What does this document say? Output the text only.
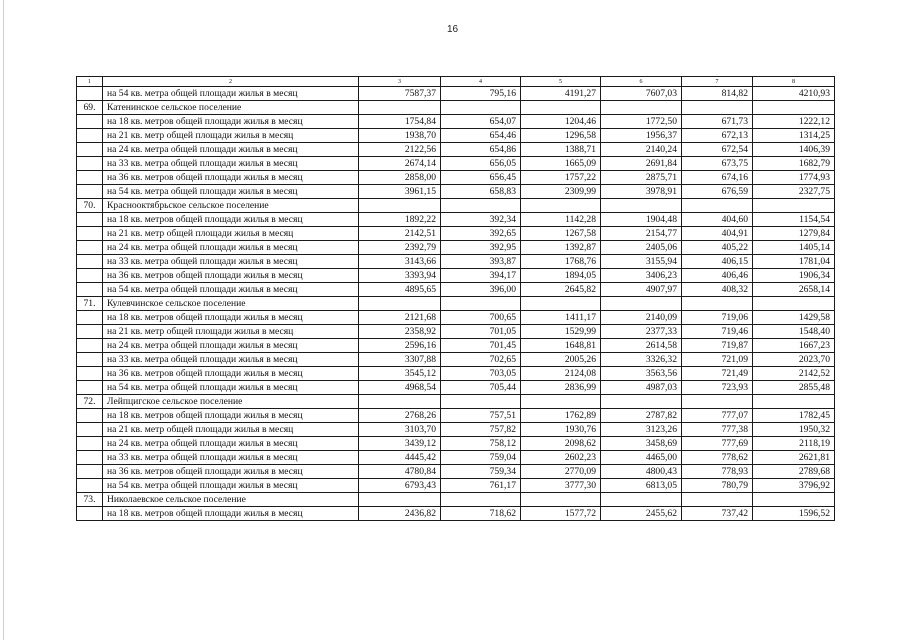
16
1	2	3	4	5	6	7	8
	на 54 кв. метра общей площади жилья в месяц	7587,37	795,16	4191,27	7607,03	814,82	4210,93
69.	Катенинское сельское поселение						
	на 18 кв. метров общей площади жилья в месяц	1754,84	654,07	1204,46	1772,50	671,73	1222,12
	на 21 кв. метр общей площади жилья в месяц	1938,70	654,46	1296,58	1956,37	672,13	1314,25
	на 24 кв. метра общей площади жилья в месяц	2122,56	654,86	1388,71	2140,24	672,54	1406,39
	на 33 кв. метра общей площади жилья в месяц	2674,14	656,05	1665,09	2691,84	673,75	1682,79
	на 36 кв. метров общей площади жилья в месяц	2858,00	656,45	1757,22	2875,71	674,16	1774,93
	на 54 кв. метра общей площади жилья в месяц	3961,15	658,83	2309,99	3978,91	676,59	2327,75
70.	Краснооктябрьское сельское поселение						
	на 18 кв. метров общей площади жилья в месяц	1892,22	392,34	1142,28	1904,48	404,60	1154,54
	на 21 кв. метр общей площади жилья в месяц	2142,51	392,65	1267,58	2154,77	404,91	1279,84
	на 24 кв. метра общей площади жилья в месяц	2392,79	392,95	1392,87	2405,06	405,22	1405,14
	на 33 кв. метра общей площади жилья в месяц	3143,66	393,87	1768,76	3155,94	406,15	1781,04
	на 36 кв. метров общей площади жилья в месяц	3393,94	394,17	1894,05	3406,23	406,46	1906,34
	на 54 кв. метра общей площади жилья в месяц	4895,65	396,00	2645,82	4907,97	408,32	2658,14
71.	Кулевчинское сельское поселение						
	на 18 кв. метров общей площади жилья в месяц	2121,68	700,65	1411,17	2140,09	719,06	1429,58
	на 21 кв. метр общей площади жилья в месяц	2358,92	701,05	1529,99	2377,33	719,46	1548,40
	на 24 кв. метра общей площади жилья в месяц	2596,16	701,45	1648,81	2614,58	719,87	1667,23
	на 33 кв. метра общей площади жилья в месяц	3307,88	702,65	2005,26	3326,32	721,09	2023,70
	на 36 кв. метров общей площади жилья в месяц	3545,12	703,05	2124,08	3563,56	721,49	2142,52
	на 54 кв. метра общей площади жилья в месяц	4968,54	705,44	2836,99	4987,03	723,93	2855,48
72.	Лейпцигское сельское поселение						
	на 18 кв. метров общей площади жилья в месяц	2768,26	757,51	1762,89	2787,82	777,07	1782,45
	на 21 кв. метр общей площади жилья в месяц	3103,70	757,82	1930,76	3123,26	777,38	1950,32
	на 24 кв. метра общей площади жилья в месяц	3439,12	758,12	2098,62	3458,69	777,69	2118,19
	на 33 кв. метра общей площади жилья в месяц	4445,42	759,04	2602,23	4465,00	778,62	2621,81
	на 36 кв. метров общей площади жилья в месяц	4780,84	759,34	2770,09	4800,43	778,93	2789,68
	на 54 кв. метра общей площади жилья в месяц	6793,43	761,17	3777,30	6813,05	780,79	3796,92
73.	Николаевское сельское поселение						
	на 18 кв. метров общей площади жилья в месяц	2436,82	718,62	1577,72	2455,62	737,42	1596,52
